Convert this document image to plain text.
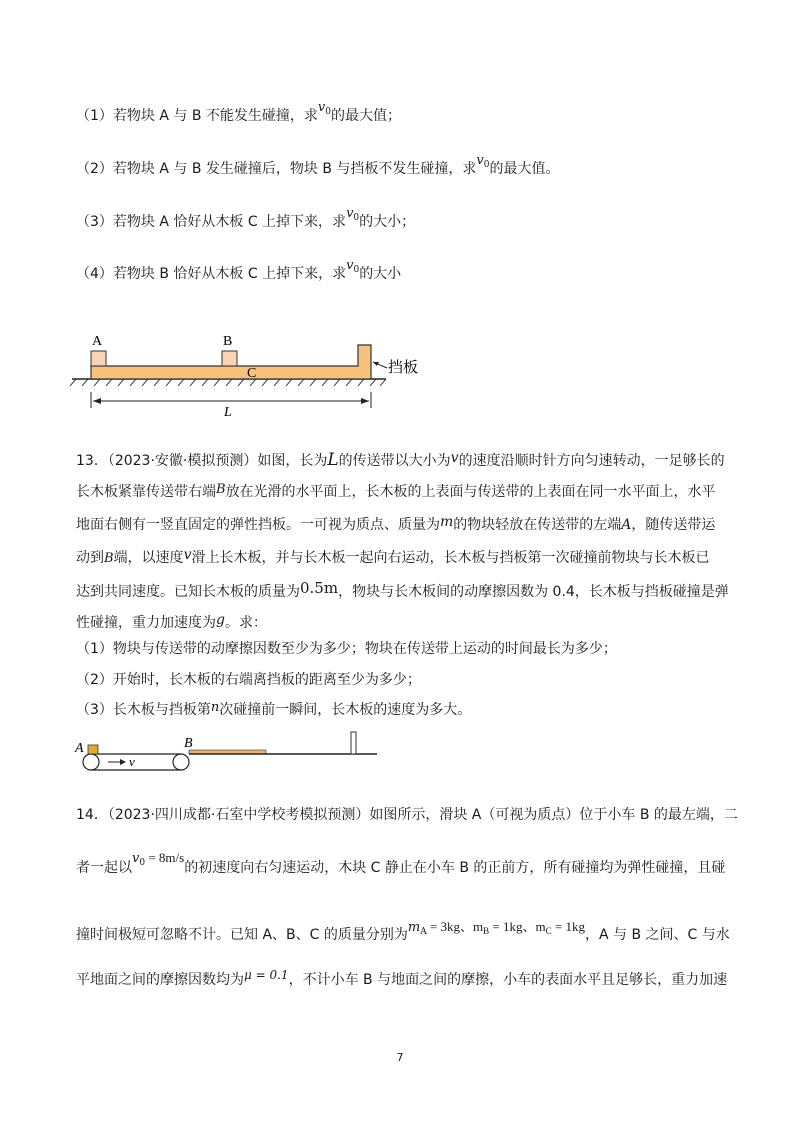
（1）若物块 A 与 B 不能发生碰撞，求$v_0$的最大值；
（2）若物块 A 与 B 发生碰撞后，物块 B 与挡板不发生碰撞，求$v_0$的最大值。
（3）若物块 A 恰好从木板 C 上掉下来，求$v_0$的大小；
（4）若物块 B 恰好从木板 C 上掉下来，求$v_0$的大小
A	B
C	挡板
L
13．（2023·安徽·模拟预测）如图，长为L的传送带以大小为v的速度沿顺时针方向匀速转动，一足够长的
长木板紧靠传送带右端B放在光滑的水平面上，长木板的上表面与传送带的上表面在同一水平面上，水平
地面右侧有一竖直固定的弹性挡板。一可视为质点、质量为m的物块轻放在传送带的左端A，随传送带运
动到B端，以速度v滑上长木板，并与长木板一起向右运动，长木板与挡板第一次碰撞前物块与长木板已
达到共同速度。已知长木板的质量为0.5m，物块与长木板间的动摩擦因数为 0.4，长木板与挡板碰撞是弹
性碰撞，重力加速度为g。求：
（1）物块与传送带的动摩擦因数至少为多少；物块在传送带上运动的时间最长为多少；
（2）开始时，长木板的右端离挡板的距离至少为多少；
（3）长木板与挡板第n次碰撞前一瞬间，长木板的速度为多大。
A
v
B
14．（2023·四川成都·石室中学校考模拟预测）如图所示，滑块 A（可视为质点）位于小车 B 的最左端，二
者一起以$v_0 = 8m/s$的初速度向右匀速运动，木块 C 静止在小车 B 的正前方，所有碰撞均为弹性碰撞，且碰
撞时间极短可忽略不计。已知 A、B、C 的质量分别为$m_A = 3kg$、$m_B = 1kg$、$m_C = 1kg$，A 与 B 之间、C 与水
平地面之间的摩擦因数均为μ = 0.1，不计小车 B 与地面之间的摩擦，小车的表面水平且足够长，重力加速
7
